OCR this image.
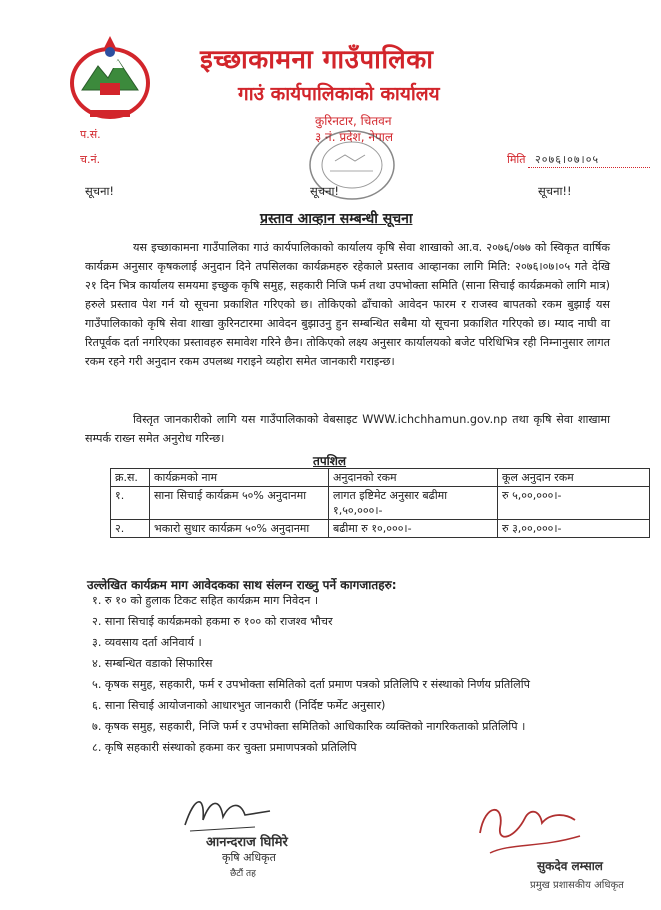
इच्छाकामना गाउँपालिका
गाउं कार्यपालिकाको कार्यालय
कुरिनटार, चितवन
३ नं. प्रदेश, नेपाल
प.सं.
च.नं.	मिति २०७६।०७।०५
सूचना!	सूचना!	सूचना!!
प्रस्ताव आव्हान सम्बन्धी सूचना
यस इच्छाकामना गाउँपालिका गाउं कार्यपालिकाको कार्यालय कृषि सेवा शाखाको आ.व. २०७६/०७७ को स्विकृत वार्षिक कार्यक्रम अनुसार कृषकलाई अनुदान दिने तपसिलका कार्यक्रमहरु रहेकाले प्रस्ताव आव्हानका लागि मिति: २०७६।०७।०५ गते देखि २१ दिन भित्र कार्यालय समयमा इच्छुक कृषि समुह, सहकारी निजि फर्म तथा उपभोक्ता समिति (साना सिचाई कार्यक्रमको लागि मात्र) हरुले प्रस्ताव पेश गर्न यो सूचना प्रकाशित गरिएको छ। तोकिएको ढाँचाको आवेदन फारम र राजस्व बापतको रकम बुझाई यस गाउँपालिकाको कृषि सेवा शाखा कुरिनटारमा आवेदन बुझाउनु हुन सम्बन्धित सबैमा यो सूचना प्रकाशित गरिएको छ। म्याद नाघी वा रितपूर्वक दर्ता नगरिएका प्रस्तावहरु समावेश गरिने छैन। तोकिएको लक्ष्य अनुसार कार्यालयको बजेट परिधिभित्र रही निम्नानुसार लागत रकम रहने गरी अनुदान रकम उपलब्ध गराइने व्यहोरा समेत जानकारी गराइन्छ।
विस्तृत जानकारीको लागि यस गाउँपालिकाको वेबसाइट WWW.ichchhamun.gov.np तथा कृषि सेवा शाखामा सम्पर्क राख्न समेत अनुरोध गरिन्छ।
तपशिल
क्र.स.	कार्यक्रमको नाम	अनुदानको रकम	कूल अनुदान रकम
१.	साना सिचाई कार्यक्रम ५०% अनुदानमा	लागत इष्टिमेट अनुसार बढीमा १,५०,०००।-	रु ५,००,०००।-
२.	भकारो सुधार कार्यक्रम ५०% अनुदानमा	बढीमा रु १०,०००।-	रु ३,००,०००।-
उल्लेखित कार्यक्रम माग आवेदकका साथ संलग्न राख्नु पर्ने कागजातहरु:
१. रु १० को हुलाक टिकट सहित कार्यक्रम माग निवेदन ।
२. साना सिचाई कार्यक्रमको हकमा रु १०० को राजश्व भौचर
३. व्यवसाय दर्ता अनिवार्य ।
४. सम्बन्धित वडाको सिफारिस
५. कृषक समुह, सहकारी, फर्म र उपभोक्ता समितिको दर्ता प्रमाण पत्रको प्रतिलिपि र संस्थाको निर्णय प्रतिलिपि
६. साना सिचाई आयोजनाको आधारभुत जानकारी (निर्दिष्ट फर्मेट अनुसार)
७. कृषक समुह, सहकारी, निजि फर्म र उपभोक्ता समितिको आधिकारिक व्यक्तिको नागरिकताको प्रतिलिपि ।
८. कृषि सहकारी संस्थाको हकमा कर चुक्ता प्रमाणपत्रको प्रतिलिपि
आनन्दराज घिमिरे
कृषि अधिकृत
छैटौं तह
सुकदेव लम्साल
प्रमुख प्रशासकीय अधिकृत
